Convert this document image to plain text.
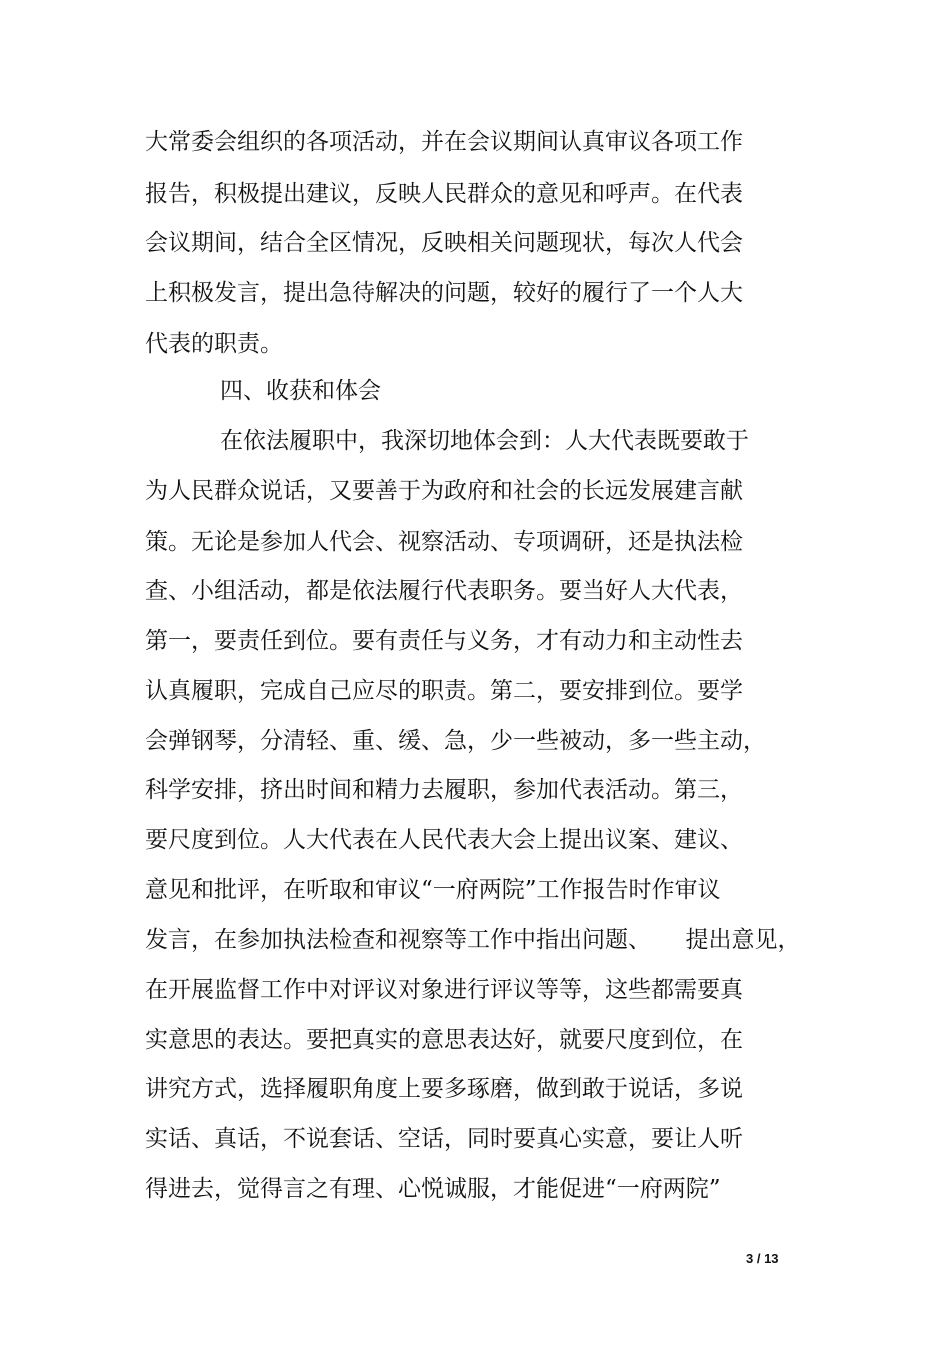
大常委会组织的各项活动，并在会议期间认真审议各项工作
报告，积极提出建议，反映人民群众的意见和呼声。在代表
会议期间，结合全区情况，反映相关问题现状，每次人代会
上积极发言，提出急待解决的问题，较好的履行了一个人大
代表的职责。
四、收获和体会
在依法履职中，我深切地体会到：人大代表既要敢于
为人民群众说话，又要善于为政府和社会的长远发展建言献
策。无论是参加人代会、视察活动、专项调研，还是执法检
查、小组活动，都是依法履行代表职务。要当好人大代表，
第一，要责任到位。要有责任与义务，才有动力和主动性去
认真履职，完成自己应尽的职责。第二，要安排到位。要学
会弹钢琴，分清轻、重、缓、急，少一些被动，多一些主动，
科学安排，挤出时间和精力去履职，参加代表活动。第三，
要尺度到位。人大代表在人民代表大会上提出议案、建议、
意见和批评，在听取和审议“一府两院”工作报告时作审议
发言，在参加执法检查和视察等工作中指出问题、　　提出意见，
在开展监督工作中对评议对象进行评议等等，这些都需要真
实意思的表达。要把真实的意思表达好，就要尺度到位，在
讲究方式，选择履职角度上要多琢磨，做到敢于说话，多说
实话、真话，不说套话、空话，同时要真心实意，要让人听
得进去，觉得言之有理、心悦诚服，才能促进“一府两院”
3 / 13
